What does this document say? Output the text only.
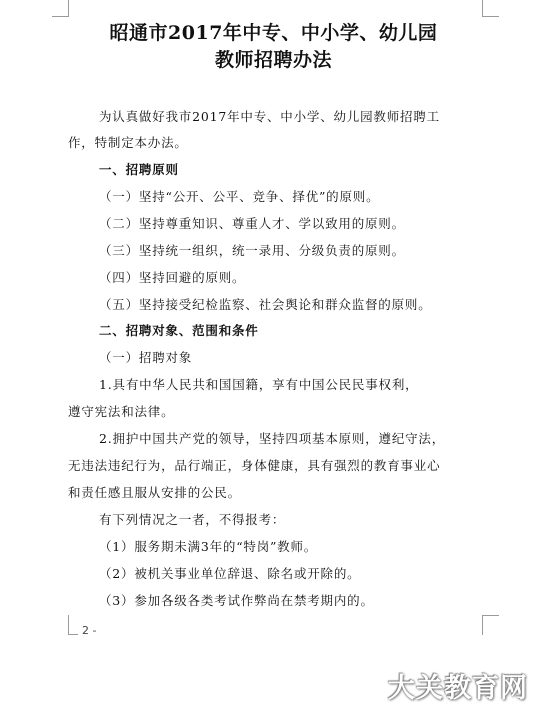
昭通市2017年中专、中小学、幼儿园
教师招聘办法
为认真做好我市2017年中专、中小学、幼儿园教师招聘工
作，特制定本办法。
一、招聘原则
（一）坚持“公开、公平、竞争、择优”的原则。
（二）坚持尊重知识、尊重人才、学以致用的原则。
（三）坚持统一组织，统一录用、分级负责的原则。
（四）坚持回避的原则。
（五）坚持接受纪检监察、社会舆论和群众监督的原则。
二、招聘对象、范围和条件
（一）招聘对象
1.具有中华人民共和国国籍，享有中国公民民事权利，
遵守宪法和法律。
2.拥护中国共产党的领导，坚持四项基本原则，遵纪守法，
无违法违纪行为，品行端正，身体健康，具有强烈的教育事业心
和责任感且服从安排的公民。
有下列情况之一者，不得报考：
（1）服务期未满3年的“特岗”教师。
（2）被机关事业单位辞退、除名或开除的。
（3）参加各级各类考试作弊尚在禁考期内的。
2 -
大关教育网
